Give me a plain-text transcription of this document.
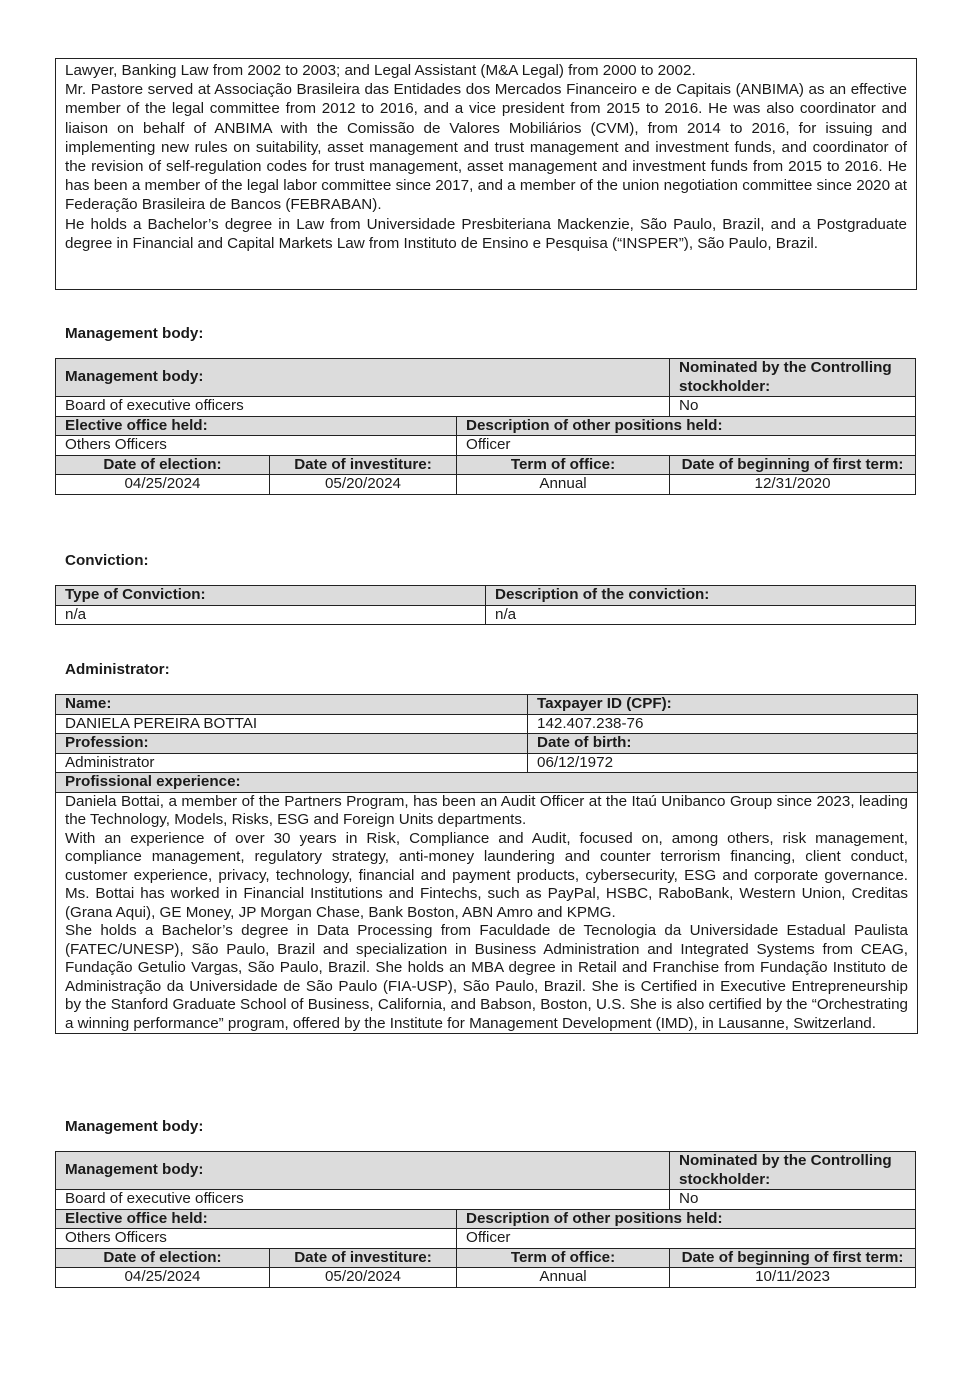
Lawyer, Banking Law from 2002 to 2003; and Legal Assistant (M&A Legal) from 2000 to 2002.

Mr. Pastore served at Associação Brasileira das Entidades dos Mercados Financeiro e de Capitais (ANBIMA) as an effective member of the legal committee from 2012 to 2016, and a vice president from 2015 to 2016. He was also coordinator and liaison on behalf of ANBIMA with the Comissão de Valores Mobiliários (CVM), from 2014 to 2016, for issuing and implementing new rules on suitability, asset management and trust management and investment funds, and coordinator of the revision of self-regulation codes for trust management, asset management and investment funds from 2015 to 2016. He has been a member of the legal labor committee since 2017, and a member of the union negotiation committee since 2020 at Federação Brasileira de Bancos (FEBRABAN).

He holds a Bachelor’s degree in Law from Universidade Presbiteriana Mackenzie, São Paulo, Brazil, and a Postgraduate degree in Financial and Capital Markets Law from Instituto de Ensino e Pesquisa (“INSPER”), São Paulo, Brazil.

Management body:
Management body:			Nominated by the Controlling stockholder:
Board of executive officers			No
Elective office held:		Description of other positions held:	
Others Officers		Officer	
Date of election:	Date of investiture:	Term of office:	Date of beginning of first term:
04/25/2024	05/20/2024	Annual	12/31/2020
Conviction:
Type of Conviction:	Description of the conviction:
n/a	n/a
Administrator:
Name:	Taxpayer ID (CPF):
DANIELA PEREIRA BOTTAI	142.407.238-76
Profession:	Date of birth:
Administrator	06/12/1972
Profissional experience:	

Daniela Bottai, a member of the Partners Program, has been an Audit Officer at the Itaú Unibanco Group since 2023, leading the Technology, Models, Risks, ESG and Foreign Units departments.

With an experience of over 30 years in Risk, Compliance and Audit, focused on, among others, risk management, compliance management, regulatory strategy, anti-money laundering and counter terrorism financing, client conduct, customer experience, privacy, technology, financial and payment products, cybersecurity, ESG and corporate governance. Ms. Bottai has worked in Financial Institutions and Fintechs, such as PayPal, HSBC, RaboBank, Western Union, Creditas (Grana Aqui), GE Money, JP Morgan Chase, Bank Boston, ABN Amro and KPMG.

She holds a Bachelor’s degree in Data Processing from Faculdade de Tecnologia da Universidade Estadual Paulista (FATEC/UNESP), São Paulo, Brazil and specialization in Business Administration and Integrated Systems from CEAG, Fundação Getulio Vargas, São Paulo, Brazil. She holds an MBA degree in Retail and Franchise from Fundação Instituto de Administração da Universidade de São Paulo (FIA-USP), São Paulo, Brazil. She is Certified in Executive Entrepreneurship by the Stanford Graduate School of Business, California, and Babson, Boston, U.S. She is also certified by the “Orchestrating a winning performance” program, offered by the Institute for Management Development (IMD), in Lausanne, Switzerland.	

Management body:
Management body:			Nominated by the Controlling stockholder:
Board of executive officers			No
Elective office held:		Description of other positions held:	
Others Officers		Officer	
Date of election:	Date of investiture:	Term of office:	Date of beginning of first term:
04/25/2024	05/20/2024	Annual	10/11/2023
